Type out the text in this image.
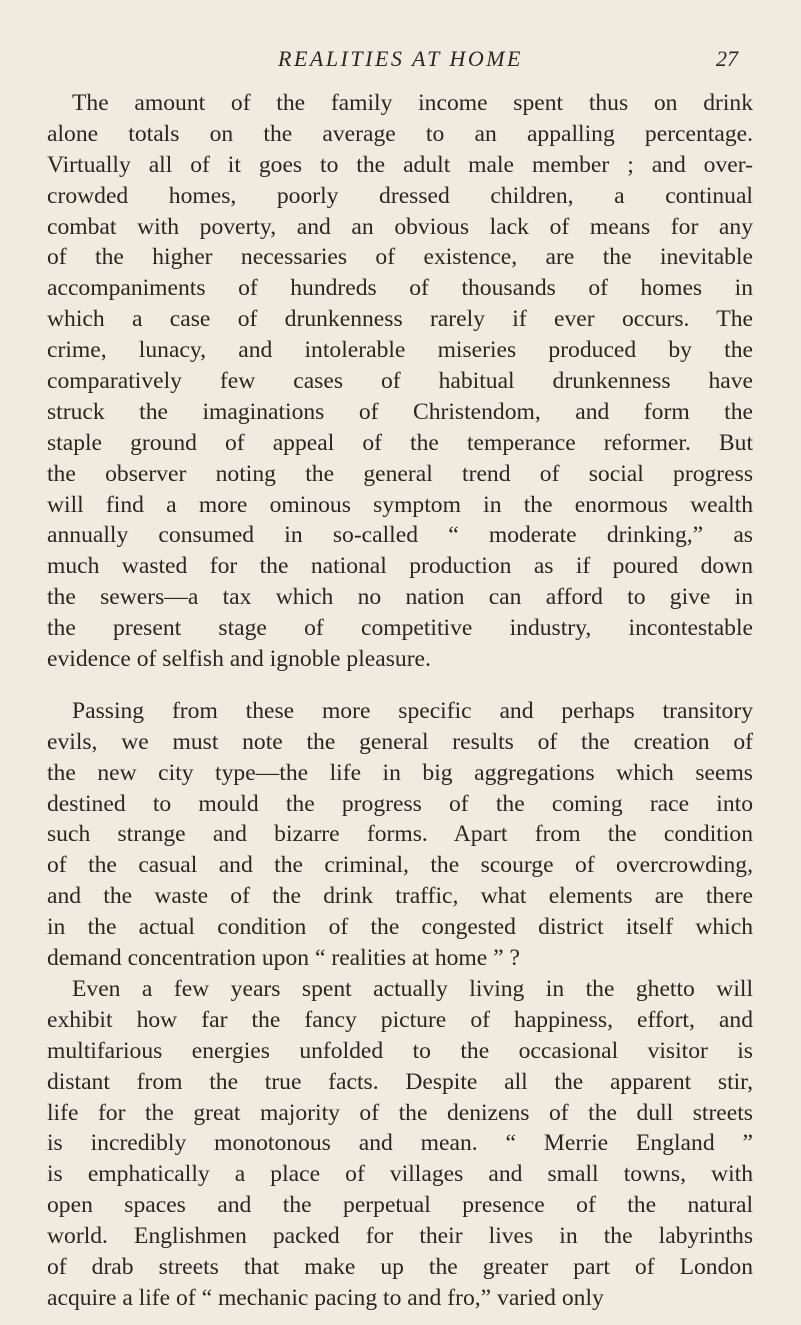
REALITIES AT HOME	27
The amount of the family income spent thus on drink
alone totals on the average to an appalling percentage.
Virtually all of it goes to the adult male member ; and over-
crowded homes, poorly dressed children, a continual
combat with poverty, and an obvious lack of means for any
of the higher necessaries of existence, are the inevitable
accompaniments of hundreds of thousands of homes in
which a case of drunkenness rarely if ever occurs. The
crime, lunacy, and intolerable miseries produced by the
comparatively few cases of habitual drunkenness have
struck the imaginations of Christendom, and form the
staple ground of appeal of the temperance reformer. But
the observer noting the general trend of social progress
will find a more ominous symptom in the enormous wealth
annually consumed in so-called “ moderate drinking,” as
much wasted for the national production as if poured down
the sewers—a tax which no nation can afford to give in
the present stage of competitive industry, incontestable
evidence of selfish and ignoble pleasure.
Passing from these more specific and perhaps transitory
evils, we must note the general results of the creation of
the new city type—the life in big aggregations which seems
destined to mould the progress of the coming race into
such strange and bizarre forms. Apart from the condition
of the casual and the criminal, the scourge of overcrowding,
and the waste of the drink traffic, what elements are there
in the actual condition of the congested district itself which
demand concentration upon “ realities at home ” ?
Even a few years spent actually living in the ghetto will
exhibit how far the fancy picture of happiness, effort, and
multifarious energies unfolded to the occasional visitor is
distant from the true facts. Despite all the apparent stir,
life for the great majority of the denizens of the dull streets
is incredibly monotonous and mean. “ Merrie England ”
is emphatically a place of villages and small towns, with
open spaces and the perpetual presence of the natural
world. Englishmen packed for their lives in the labyrinths
of drab streets that make up the greater part of London
acquire a life of “ mechanic pacing to and fro,” varied only
